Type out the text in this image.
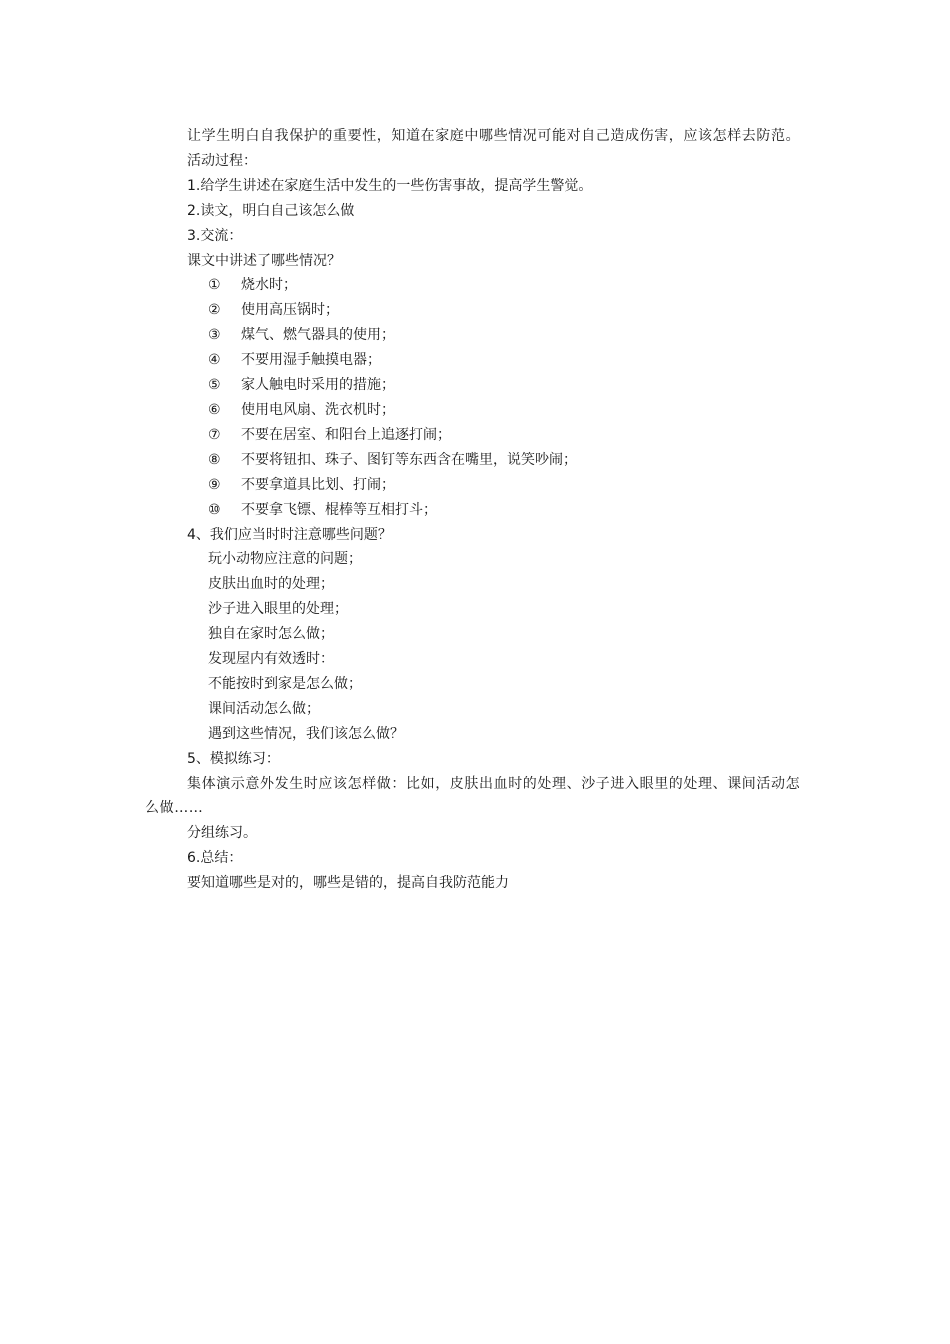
让学生明白自我保护的重要性，知道在家庭中哪些情况可能对自己造成伤害，应该怎样去防范。

活动过程：

1.给学生讲述在家庭生活中发生的一些伤害事故，提高学生警觉。

2.读文，明白自己该怎么做

3.交流：

课文中讲述了哪些情况？

① 烧水时；

② 使用高压锅时；

③ 煤气、燃气器具的使用；

④ 不要用湿手触摸电器；

⑤ 家人触电时采用的措施；

⑥ 使用电风扇、洗衣机时；

⑦ 不要在居室、和阳台上追逐打闹；

⑧ 不要将钮扣、珠子、图钉等东西含在嘴里，说笑吵闹；

⑨ 不要拿道具比划、打闹；

⑩ 不要拿飞镖、棍棒等互相打斗；

4、我们应当时时注意哪些问题？

玩小动物应注意的问题；

皮肤出血时的处理；

沙子进入眼里的处理；

独自在家时怎么做；

发现屋内有效透时：

不能按时到家是怎么做；

课间活动怎么做；

遇到这些情况，我们该怎么做？

5、模拟练习：

集体演示意外发生时应该怎样做：比如，皮肤出血时的处理、沙子进入眼里的处理、课间活动怎么做……

分组练习。

6.总结：

要知道哪些是对的，哪些是错的，提高自我防范能力
